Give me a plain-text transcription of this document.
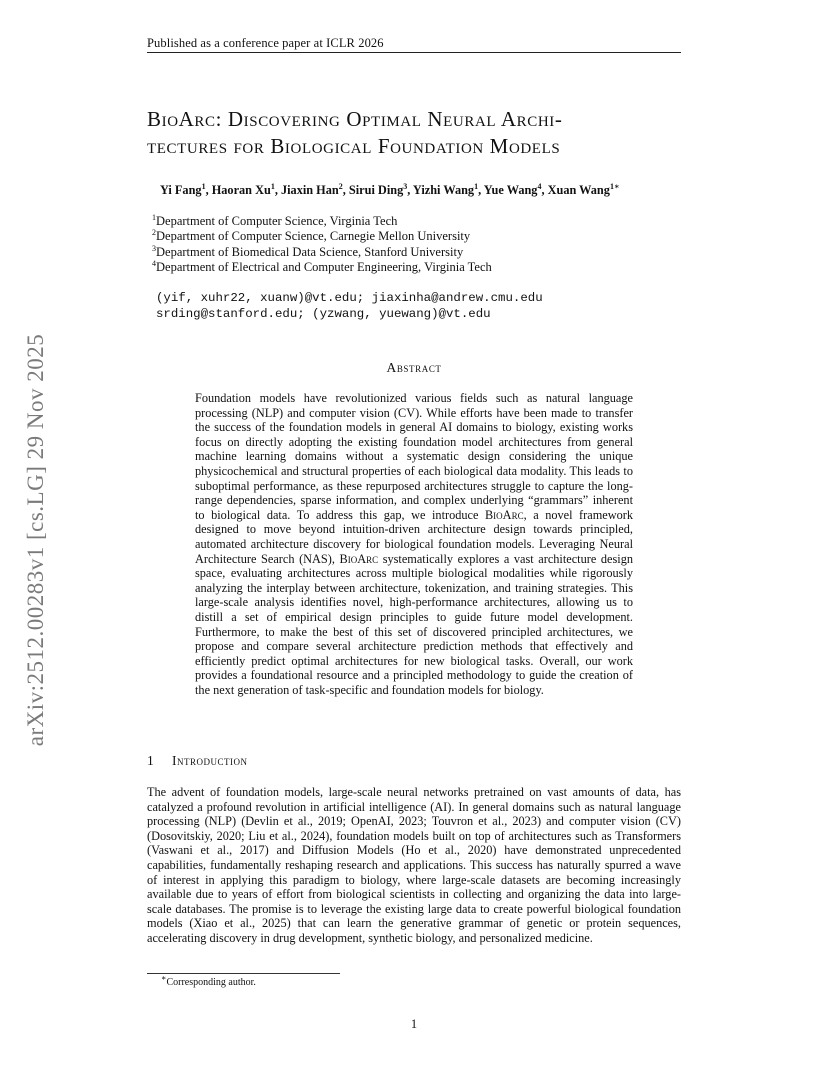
Published as a conference paper at ICLR 2026
arXiv:2512.00283v1 [cs.LG] 29 Nov 2025
BioArc: Discovering Optimal Neural Archi-
tectures for Biological Foundation Models
Yi Fang$^1$, Haoran Xu$^1$, Jiaxin Han$^2$, Sirui Ding$^3$, Yizhi Wang$^1$, Yue Wang$^4$, Xuan Wang$^{1∗}$
$^1$Department of Computer Science, Virginia Tech
$^2$Department of Computer Science, Carnegie Mellon University
$^3$Department of Biomedical Data Science, Stanford University
$^4$Department of Electrical and Computer Engineering, Virginia Tech
(yif, xuhr22, xuanw)@vt.edu; jiaxinha@andrew.cmu.edu
srding@stanford.edu; (yzwang, yuewang)@vt.edu
Abstract
Foundation models have revolutionized various fields such as natural language processing (NLP) and computer vision (CV). While efforts have been made to transfer the success of the foundation models in general AI domains to biology, existing works focus on directly adopting the existing foundation model architectures from general machine learning domains without a systematic design considering the unique physicochemical and structural properties of each biological data modality. This leads to suboptimal performance, as these repurposed architectures struggle to capture the long-range dependencies, sparse information, and complex underlying “grammars” inherent to biological data. To address this gap, we introduce BioArc, a novel framework designed to move beyond intuition-driven architecture design towards principled, automated architecture discovery for biological foundation models. Leveraging Neural Architecture Search (NAS), BioArc systematically explores a vast architecture design space, evaluating architectures across multiple biological modalities while rigorously analyzing the interplay between architecture, tokenization, and training strategies. This large-scale analysis identifies novel, high-performance architectures, allowing us to distill a set of empirical design principles to guide future model development. Furthermore, to make the best of this set of discovered principled architectures, we propose and compare several architecture prediction methods that effectively and efficiently predict optimal architectures for new biological tasks. Overall, our work provides a foundational resource and a principled methodology to guide the creation of the next generation of task-specific and foundation models for biology.
1 Introduction
The advent of foundation models, large-scale neural networks pretrained on vast amounts of data, has catalyzed a profound revolution in artificial intelligence (AI). In general domains such as natural language processing (NLP) (Devlin et al., 2019; OpenAI, 2023; Touvron et al., 2023) and computer vision (CV) (Dosovitskiy, 2020; Liu et al., 2024), foundation models built on top of architectures such as Transformers (Vaswani et al., 2017) and Diffusion Models (Ho et al., 2020) have demonstrated unprecedented capabilities, fundamentally reshaping research and applications. This success has naturally spurred a wave of interest in applying this paradigm to biology, where large-scale datasets are becoming increasingly available due to years of effort from biological scientists in collecting and organizing the data into large-scale databases. The promise is to leverage the existing large data to create powerful biological foundation models (Xiao et al., 2025) that can learn the generative grammar of genetic or protein sequences, accelerating discovery in drug development, synthetic biology, and personalized medicine.
∗Corresponding author.
1
